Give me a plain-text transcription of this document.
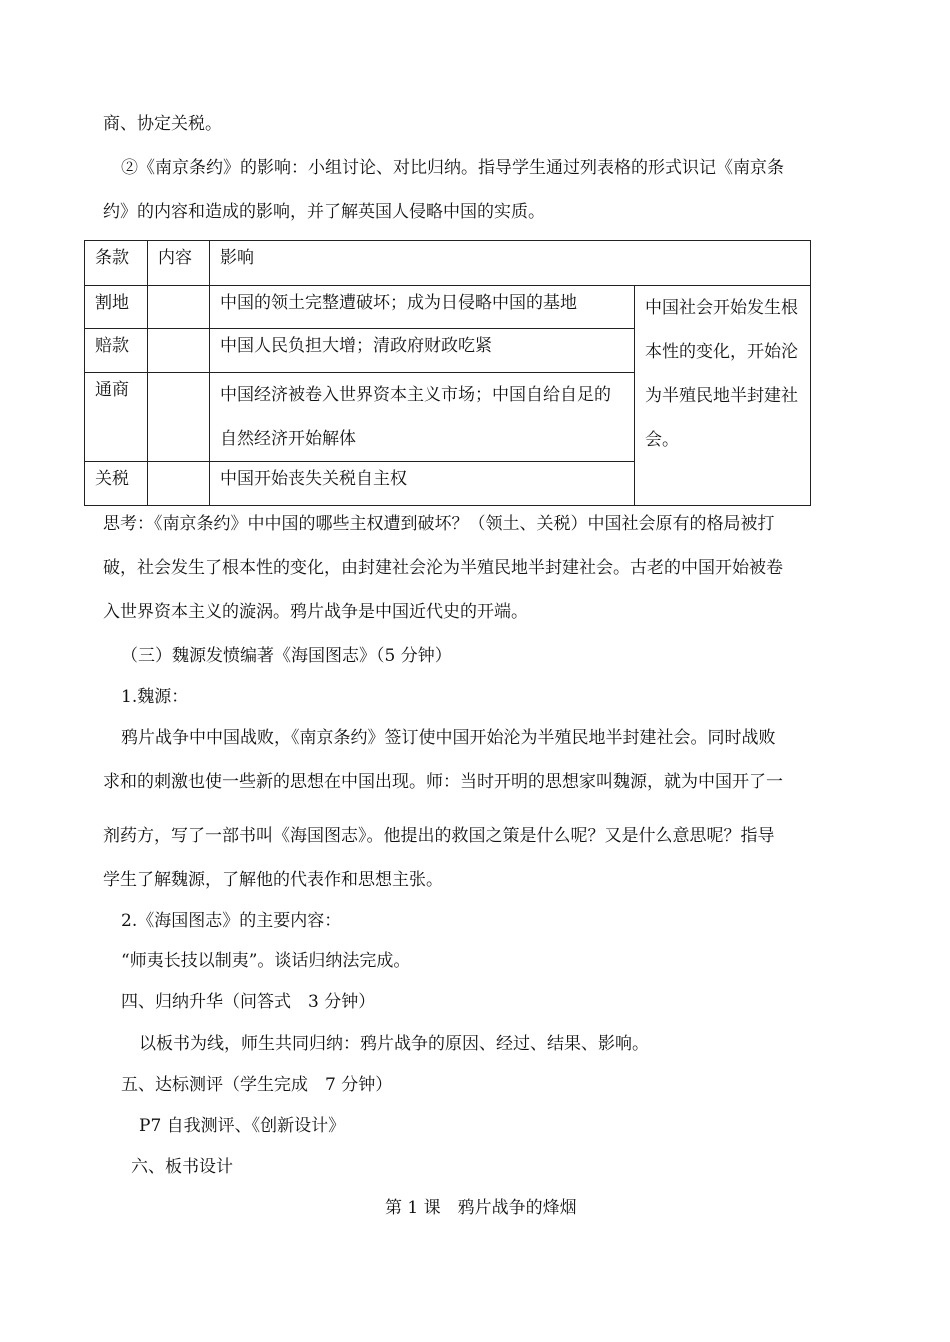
商、协定关税。
②《南京条约》的影响：小组讨论、对比归纳。指导学生通过列表格的形式识记《南京条
约》的内容和造成的影响，并了解英国人侵略中国的实质。
条款	内容	影响	
割地		中国的领土完整遭破坏；成为日侵略中国的基地	中国社会开始发生根本性的变化，开始沦为半殖民地半封建社会。
赔款		中国人民负担大增；清政府财政吃紧	
通商		中国经济被卷入世界资本主义市场；中国自给自足的自然经济开始解体	
关税		中国开始丧失关税自主权	
思考：《南京条约》中中国的哪些主权遭到破坏？（领土、关税）中国社会原有的格局被打
破，社会发生了根本性的变化，由封建社会沦为半殖民地半封建社会。古老的中国开始被卷
入世界资本主义的漩涡。鸦片战争是中国近代史的开端。
（三）魏源发愤编著《海国图志》（5 分钟）
1.魏源：
鸦片战争中中国战败，《南京条约》签订使中国开始沦为半殖民地半封建社会。同时战败
求和的刺激也使一些新的思想在中国出现。师：当时开明的思想家叫魏源，就为中国开了一
剂药方，写了一部书叫《海国图志》。他提出的救国之策是什么呢？又是什么意思呢？指导
学生了解魏源，了解他的代表作和思想主张。
2.《海国图志》的主要内容：
“师夷长技以制夷”。谈话归纳法完成。
四、归纳升华（问答式　3 分钟）
以板书为线，师生共同归纳：鸦片战争的原因、经过、结果、影响。
五、达标测评（学生完成　7 分钟）
P7 自我测评、《创新设计》
六、板书设计
第 1 课　鸦片战争的烽烟
